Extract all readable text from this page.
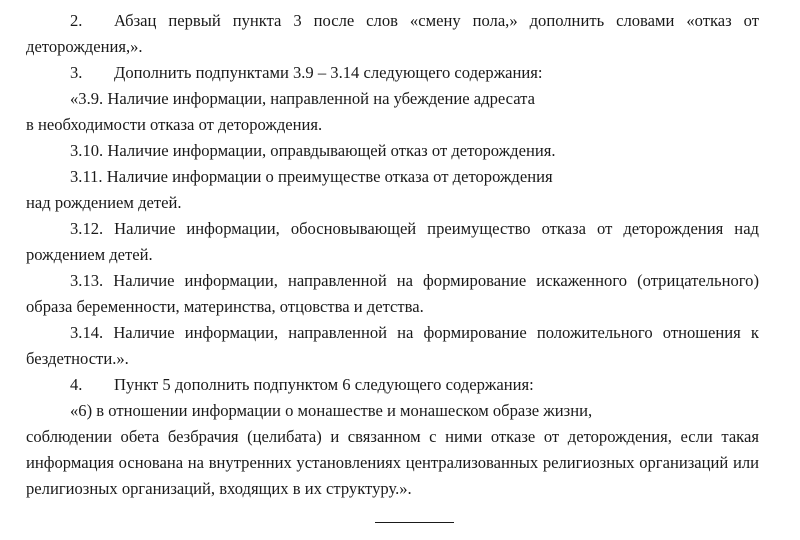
2. Абзац первый пункта 3 после слов «смену пола,» дополнить словами «отказ от деторождения,».

3. Дополнить подпунктами 3.9 – 3.14 следующего содержания:

«3.9. Наличие информации, направленной на убеждение адресата

в необходимости отказа от деторождения.

3.10. Наличие информации, оправдывающей отказ от деторождения.

3.11. Наличие информации о преимуществе отказа от деторождения

над рождением детей.

3.12. Наличие информации, обосновывающей преимущество отказа от деторождения над рождением детей.

3.13. Наличие информации, направленной на формирование искаженного (отрицательного) образа беременности, материнства, отцовства и детства.

3.14. Наличие информации, направленной на формирование положительного отношения к бездетности.».

4. Пункт 5 дополнить подпунктом 6 следующего содержания:

«6) в отношении информации о монашестве и монашеском образе жизни,

соблюдении обета безбрачия (целибата) и связанном с ними отказе от деторождения, если такая информация основана на внутренних установлениях централизованных религиозных организаций или религиозных организаций, входящих в их структуру.».
